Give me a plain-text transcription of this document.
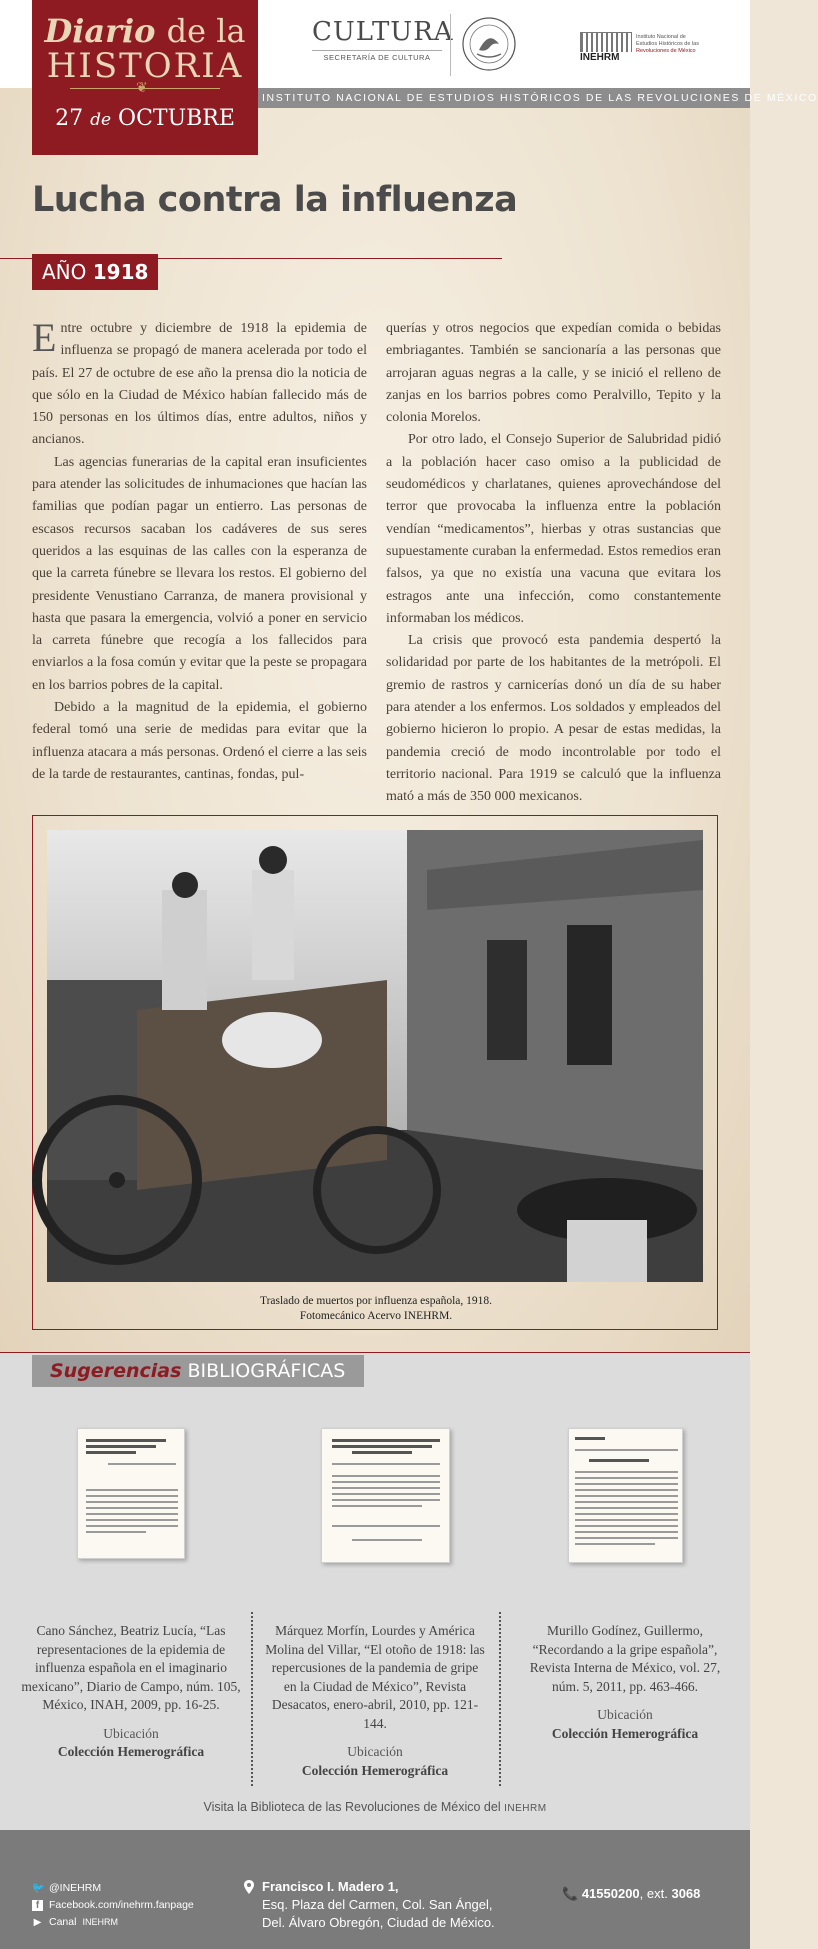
CULTURA
SECRETARÍA DE CULTURA	INEHRM
Instituto Nacional de
Estudios Históricos de las
Revoluciones de México
INSTITUTO NACIONAL DE ESTUDIOS HISTÓRICOS DE LAS REVOLUCIONES DE MÉXICO
Diario de la
HISTORIA
❦
27 de OCTUBRE
Lucha contra la influenza
AÑO 1918

Entre octubre y diciembre de 1918 la epidemia de influenza se propagó de manera acelerada por todo el país. El 27 de octubre de ese año la prensa dio la noticia de que sólo en la Ciudad de México habían fallecido más de 150 personas en los últimos días, entre adultos, niños y ancianos.

Las agencias funerarias de la capital eran insuficientes para atender las solicitudes de inhumaciones que hacían las familias que podían pagar un entierro. Las personas de escasos recursos sacaban los cadáveres de sus seres queridos a las esquinas de las calles con la esperanza de que la carreta fúnebre se llevara los restos. El gobierno del presidente Venustiano Carranza, de manera provisional y hasta que pasara la emergencia, volvió a poner en servicio la carreta fúnebre que recogía a los fallecidos para enviarlos a la fosa común y evitar que la peste se propagara en los barrios pobres de la capital.

Debido a la magnitud de la epidemia, el gobierno federal tomó una serie de medidas para evitar que la influenza atacara a más personas. Ordenó el cierre a las seis de la tarde de restaurantes, cantinas, fondas, pul-

querías y otros negocios que expedían comida o bebidas embriagantes. También se sancionaría a las personas que arrojaran aguas negras a la calle, y se inició el relleno de zanjas en los barrios pobres como Peralvillo, Tepito y la colonia Morelos.

Por otro lado, el Consejo Superior de Salubridad pidió a la población hacer caso omiso a la publicidad de seudomédicos y charlatanes, quienes aprovechándose del terror que provocaba la influenza entre la población vendían “medicamentos”, hierbas y otras sustancias que supuestamente curaban la enfermedad. Estos remedios eran falsos, ya que no existía una vacuna que evitara los estragos ante una infección, como constantemente informaban los médicos.

La crisis que provocó esta pandemia despertó la solidaridad por parte de los habitantes de la metrópoli. El gremio de rastros y carnicerías donó un día de su haber para atender a los enfermos. Los soldados y empleados del gobierno hicieron lo propio. A pesar de estas medidas, la pandemia creció de modo incontrolable por todo el territorio nacional. Para 1919 se calculó que la influenza mató a más de 350 000 mexicanos.

Traslado de muertos por influenza española, 1918.
Fotomecánico Acervo INEHRM.
Sugerencias BIBLIOGRÁFICAS
Cano Sánchez, Beatriz Lucía, “Las representaciones de la epidemia de influenza española en el imaginario mexicano”, Diario de Campo, núm. 105, México, INAH, 2009, pp. 16-25.
Ubicación
Colección Hemerográfica
Márquez Morfín, Lourdes y América Molina del Villar, “El otoño de 1918: las repercusiones de la pandemia de gripe en la Ciudad de México”, Revista Desacatos, enero-abril, 2010, pp. 121-144.
Ubicación
Colección Hemerográfica
Murillo Godínez, Guillermo, “Recordando a la gripe española”, Revista Interna de México, vol. 27, núm. 5, 2011, pp. 463-466.
Ubicación
Colección Hemerográfica
Visita la Biblioteca de las Revoluciones de México del INEHRM
🐦 @INEHRM
f Facebook.com/inehrm.fanpage
▶ Canal INEHRM
Francisco I. Madero 1,
Esq. Plaza del Carmen, Col. San Ángel,
Del. Álvaro Obregón, Ciudad de México.
📞 41550200, ext. 3068
